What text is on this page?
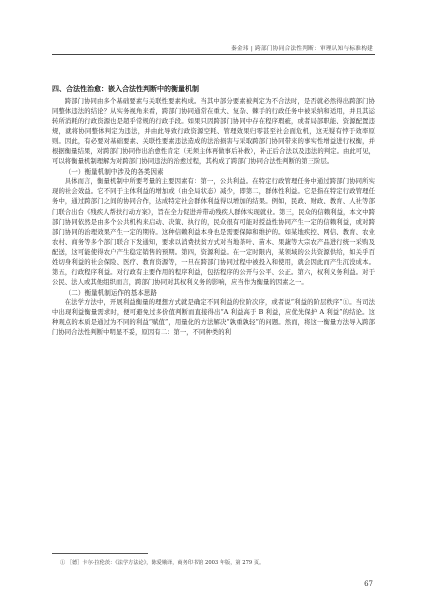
秦金玮 | 跨部门协同合法性判断：审理认知与标准构建
四、合法性治愈：嵌入合法性判断中的衡量机制

跨部门协同由多个基础要素与关联性要素构成。当其中部分要素被判定为不合法时，是否就必然得出跨部门协同整体违法的结论？从实务视角来看，跨部门协同通常在重大、复杂、棘手的行政任务中被采纳和适用，并且其运转所消耗的行政资源也是超乎常规的行政手段。如果只因跨部门协同中存在程序瑕疵，或者局部职能、资源配置违规，就将协同整体判定为违法，并由此导致行政资源空耗、管理效果归零甚至社会面危机，这无疑有悖于效率原则。因此，有必要对基础要素、关联性要素违法造成的法治损害与采取跨部门协同带来的事实性增益进行权衡，并根据衡量结果，对跨部门协同作出治愈性肯定（无须主体再做事后补救），补正后合法以及违法的判定。由此可见，可以将衡量机制理解为对跨部门协同违法的治愈过程，其构成了跨部门协同合法性判断的第三阶层。

（一）衡量机制中涉及的各类因素

具体而言，衡量机制中所要考量的主要因素有：第一，公共利益。在特定行政管理任务中通过跨部门协同所实现的社会效益。它不同于主体利益的增加或（由全局状态）减少，即第二，群体性利益。它是指在特定行政管理任务中，通过跨部门之间的协同合作，达成特定社会群体利益得以增加的结果。例如，民政、财政、教育、人社等部门联合出台《残疾人帮扶行动方案》，旨在全力促进并带动残疾人群体实现就业。第三，民众的信赖利益，本文中跨部门协同依然是由多个公共机构来启动、决策、执行的，民众很有可能对授益性协同产生一定的信赖利益，或对跨部门协同的治理效果产生一定的期待。这种信赖利益本身也是需要保障和维护的。如某地疾控、网信、教育、农业农村、商务等多个部门联合下发通知，要求以消费扶贫方式对当地茶叶、苗木、果蔬等大宗农产品进行统一采购及配送，这可能使得农户产生稳定销售的预期。第四，资源利益。在一定时限内，某领域的公共资源供给，如关乎百姓切身利益的社会保险、医疗、教育资源等，一旦在跨部门协同过程中被投入和使用，就会因此而产生沉没成本。第五，行政程序利益。对行政有主要作用的程序利益，包括程序的公开与公平、公正。第六，权利义务利益。对于公民、法人或其他组织而言，跨部门协同对其权利义务的影响，应当作为衡量的因素之一。

（二）衡量机制运作的基本思路

在法学方法中，开展利益衡量的理想方式就是确定不同利益的位阶次序，或者说“利益的阶层秩序”①。当司法中出现利益衡量需求时，便可避免过多价值判断而直接得出“A 利益高于 B 利益，应优先保护 A 利益”的结论。这种观点的本质是通过为不同的利益“赋值”，用量化的方法解决“孰重孰轻”的问题。然而，将这一衡量方法导入跨部门协同合法性判断中明显不妥，原因有二：第一，不同种类的利

① ［德］卡尔·拉伦茨：《法学方法论》，陈爱娥译，商务印书馆 2003 年版，第 279 页。
67
